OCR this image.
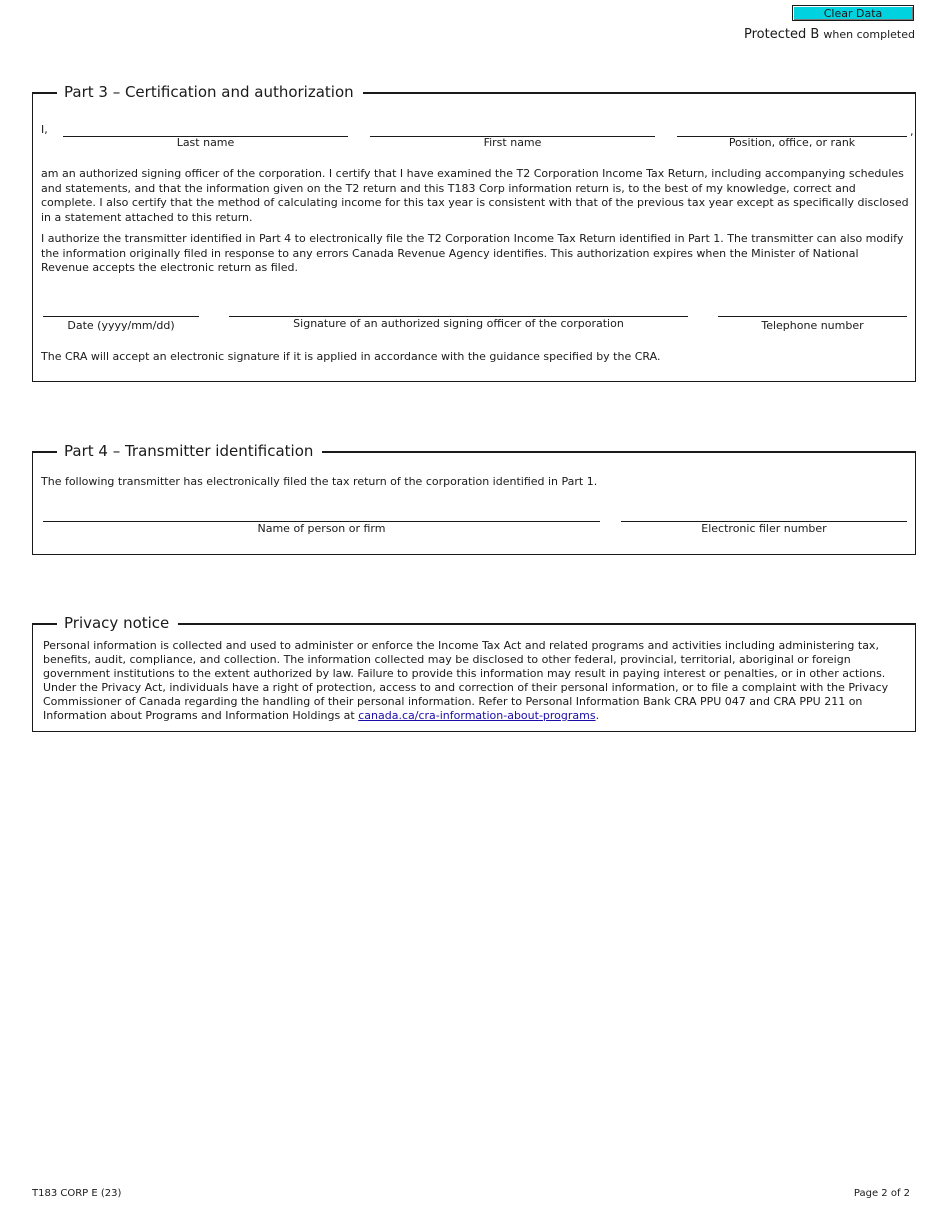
Clear Data
Protected B when completed
Part 3 – Certification and authorization
I,
Last name	First name	Position, office, or rank
,

am an authorized signing officer of the corporation. I certify that I have examined the T2 Corporation Income Tax Return, including accompanying schedules and statements, and that the information given on the T2 return and this T183 Corp information return is, to the best of my knowledge, correct and complete. I also certify that the method of calculating income for this tax year is consistent with that of the previous tax year except as specifically disclosed in a statement attached to this return.

I authorize the transmitter identified in Part 4 to electronically file the T2 Corporation Income Tax Return identified in Part 1. The transmitter can also modify the information originally filed in response to any errors Canada Revenue Agency identifies. This authorization expires when the Minister of National Revenue accepts the electronic return as filed.

Date (yyyy/mm/dd)	Signature of an authorized signing officer of the corporation	Telephone number

The CRA will accept an electronic signature if it is applied in accordance with the guidance specified by the CRA.

Part 4 – Transmitter identification

The following transmitter has electronically filed the tax return of the corporation identified in Part 1.

Name of person or firm	Electronic filer number
Privacy notice

Personal information is collected and used to administer or enforce the Income Tax Act and related programs and activities including administering tax, benefits, audit, compliance, and collection. The information collected may be disclosed to other federal, provincial, territorial, aboriginal or foreign government institutions to the extent authorized by law. Failure to provide this information may result in paying interest or penalties, or in other actions. Under the Privacy Act, individuals have a right of protection, access to and correction of their personal information, or to file a complaint with the Privacy Commissioner of Canada regarding the handling of their personal information. Refer to Personal Information Bank CRA PPU 047 and CRA PPU 211 on Information about Programs and Information Holdings at canada.ca/cra-information-about-programs.

T183 CORP E (23)	Page 2 of 2
